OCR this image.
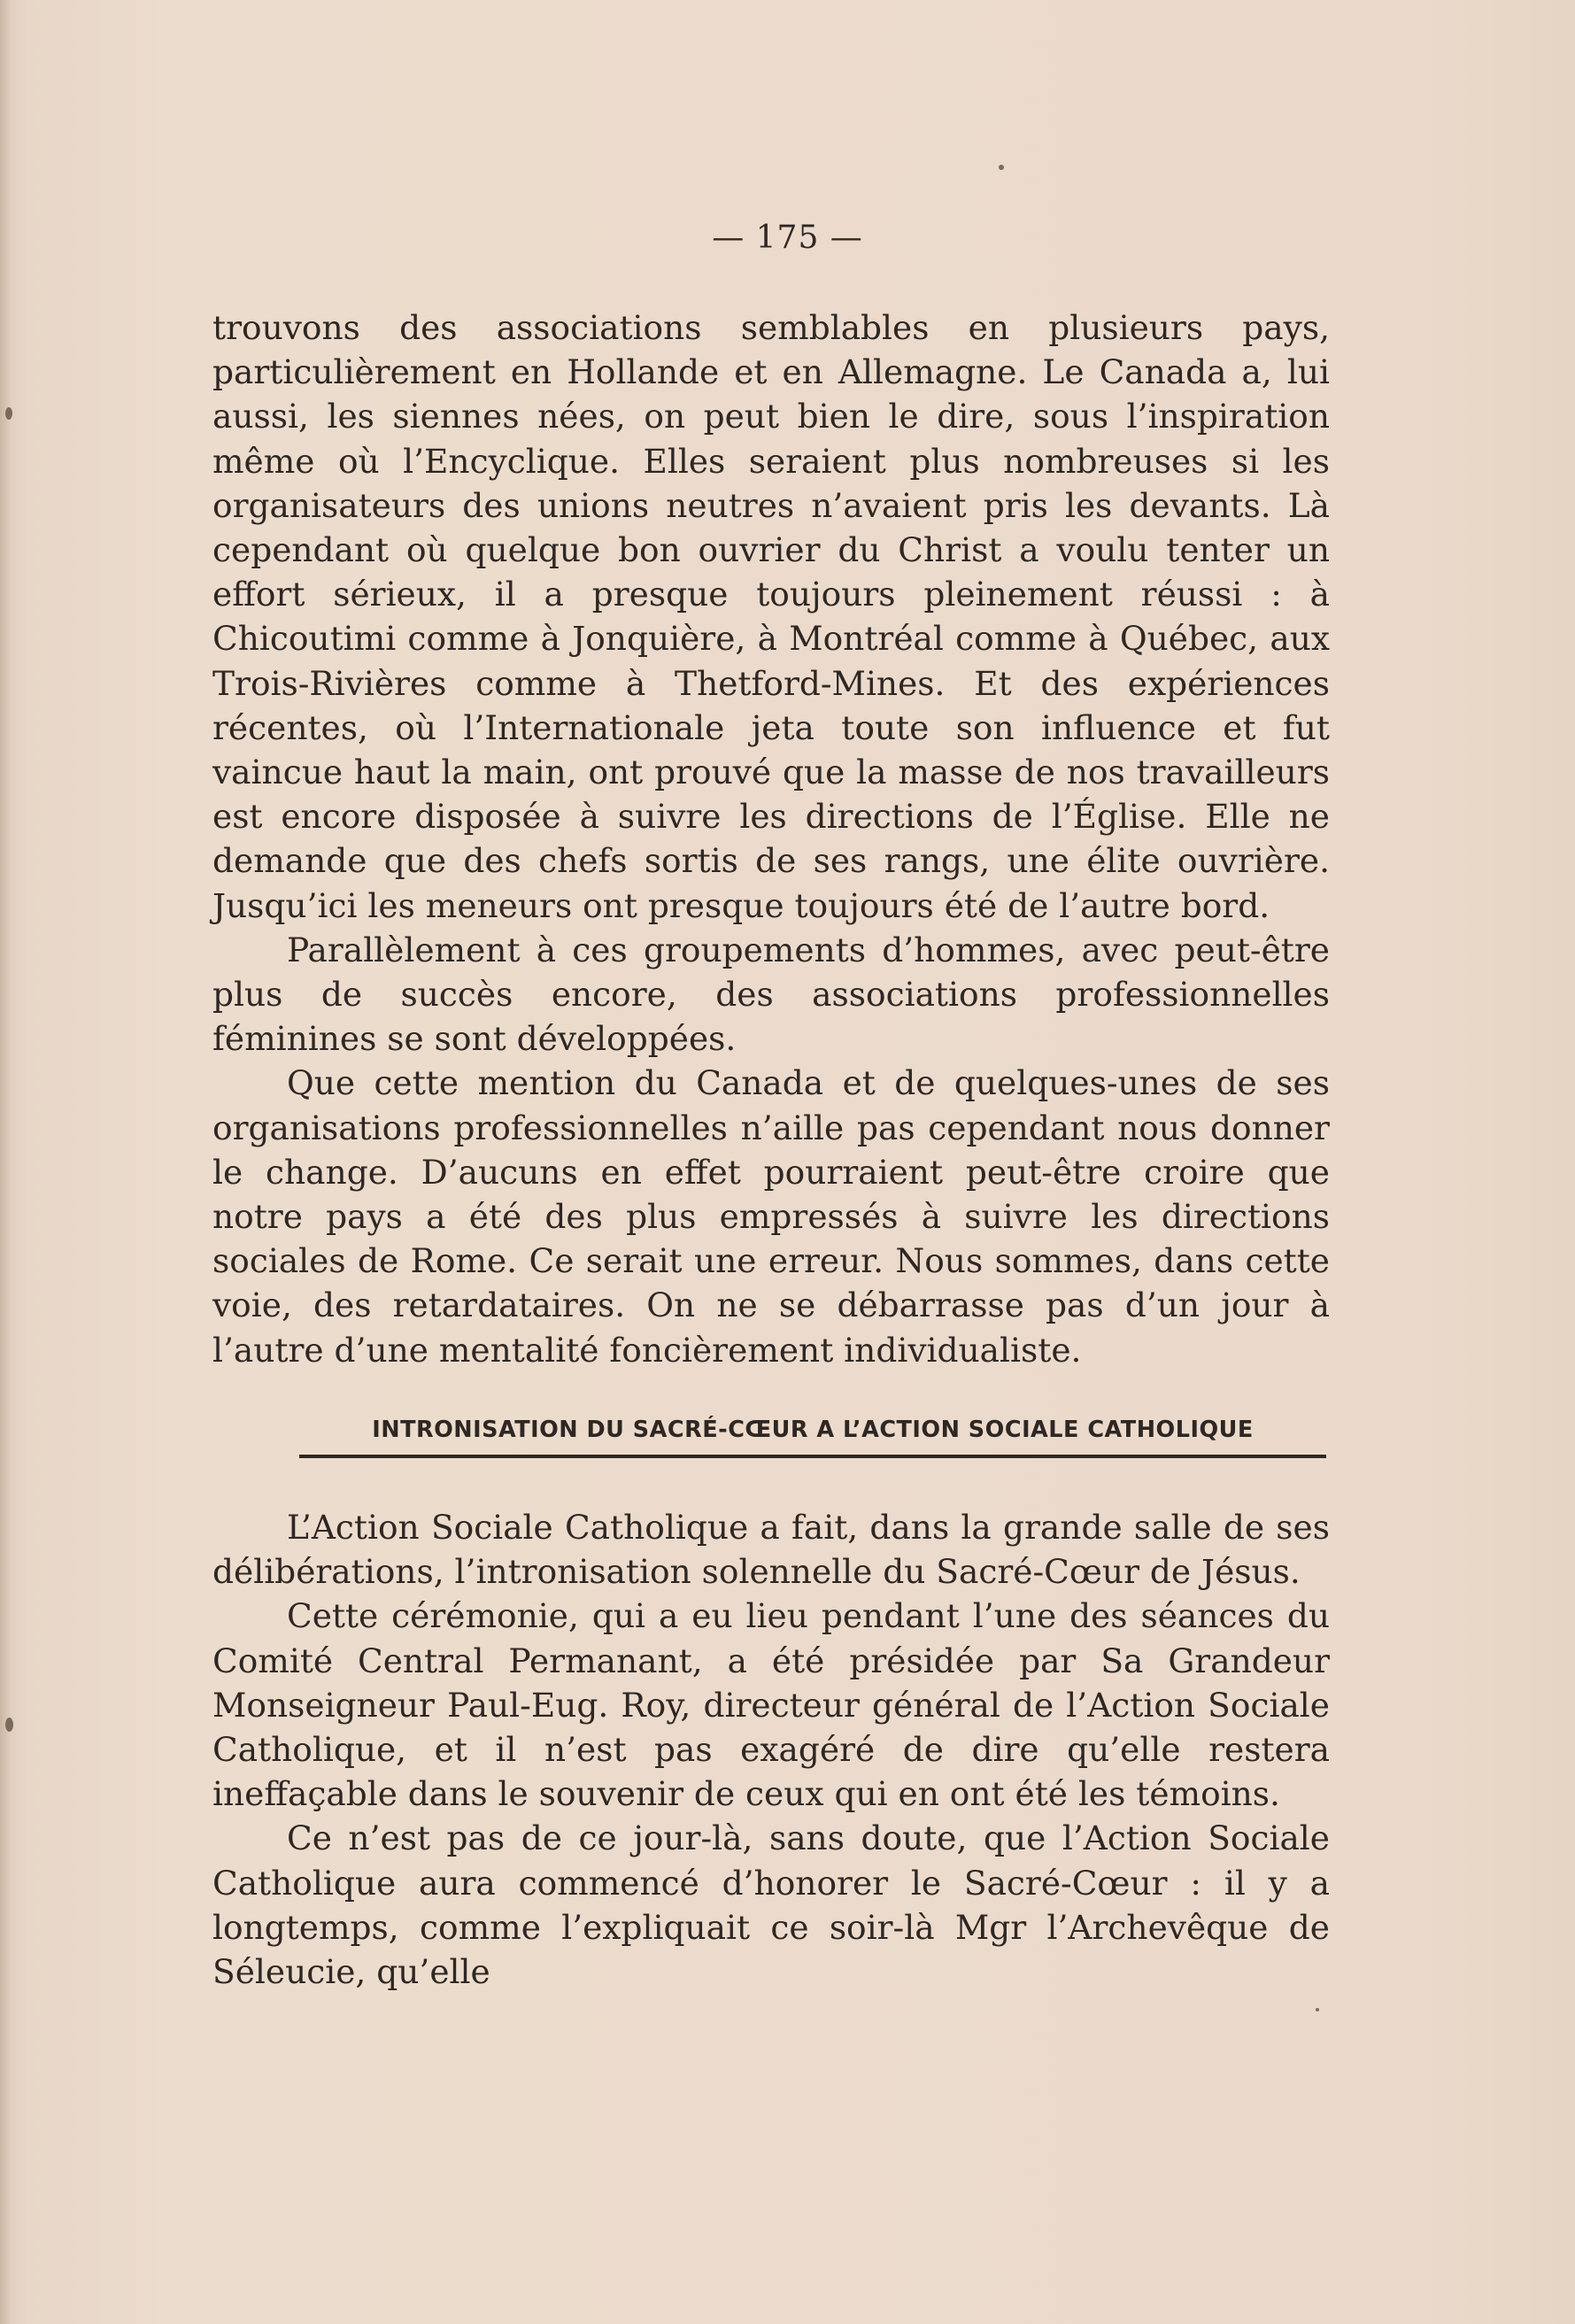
— 175 —

trouvons des associations semblables en plusieurs pays, particulièrement en Hollande et en Allemagne. Le Canada a, lui aussi, les siennes nées, on peut bien le dire, sous l’inspiration même où l’Encyclique. Elles seraient plus nombreuses si les organisateurs des unions neutres n’avaient pris les devants. Là cependant où quelque bon ouvrier du Christ a voulu tenter un effort sérieux, il a presque toujours pleinement réussi : à Chicoutimi comme à Jonquière, à Montréal comme à Québec, aux Trois-Rivières comme à Thetford-Mines. Et des expériences récentes, où l’Internationale jeta toute son influence et fut vaincue haut la main, ont prouvé que la masse de nos travailleurs est encore disposée à suivre les directions de l’Église. Elle ne demande que des chefs sortis de ses rangs, une élite ouvrière. Jusqu’ici les meneurs ont presque toujours été de l’autre bord.

Parallèlement à ces groupements d’hommes, avec peut-être plus de succès encore, des associations professionnelles féminines se sont développées.

Que cette mention du Canada et de quelques-unes de ses organisations professionnelles n’aille pas cependant nous donner le change. D’aucuns en effet pourraient peut-être croire que notre pays a été des plus empressés à suivre les directions sociales de Rome. Ce serait une erreur. Nous sommes, dans cette voie, des retardataires. On ne se débarrasse pas d’un jour à l’autre d’une mentalité foncièrement individualiste.

INTRONISATION DU SACRÉ-CŒUR A L’ACTION SOCIALE CATHOLIQUE

L’Action Sociale Catholique a fait, dans la grande salle de ses délibérations, l’intronisation solennelle du Sacré-Cœur de Jésus.

Cette cérémonie, qui a eu lieu pendant l’une des séances du Comité Central Permanant, a été présidée par Sa Grandeur Monseigneur Paul-Eug. Roy, directeur général de l’Action Sociale Catholique, et il n’est pas exagéré de dire qu’elle restera ineffaçable dans le souvenir de ceux qui en ont été les témoins.

Ce n’est pas de ce jour-là, sans doute, que l’Action Sociale Catholique aura commencé d’honorer le Sacré-Cœur : il y a longtemps, comme l’expliquait ce soir-là Mgr l’Archevêque de Séleucie, qu’elle
